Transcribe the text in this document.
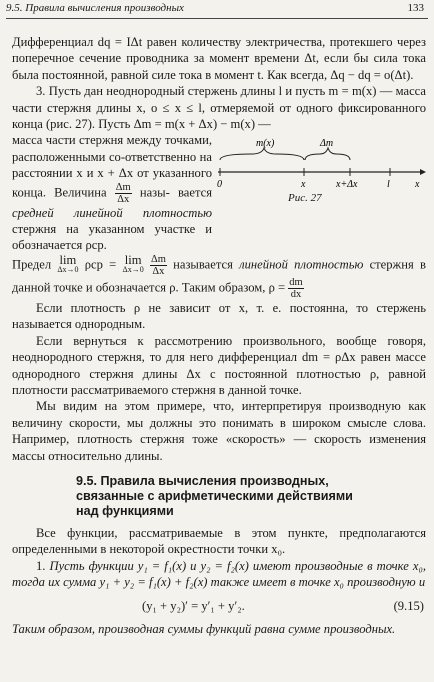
9.5. Правила вычисления производных	133

Дифференциал dq = IΔt равен количеству электричества, протекшего через поперечное сечение проводника за момент времени Δt, если бы сила тока была постоянной, равной силе тока в момент t. Как всегда, Δq − dq = o(Δt).

3. Пусть дан неоднородный стержень длины l и пусть m = m(x) — масса части стержня длины x, o ≤ x ≤ l, отмеряемой от одного фиксированного конца (рис. 27). Пусть Δm = m(x + Δx) − m(x) —

m(x)	Δm
0	x	x+Δx	l	x
Рис. 27

масса части стержня между точками, расположенными со-ответственно на расстоянии x и x + Δx от указанного конца. Величина $\frac{\Delta m}{\Delta x}$ назы- вается средней линейной плотностью стержня на указанном участке и обозначается ρср.

Предел lim
Δx→0 ρср = lim
Δx→0
$\frac{\Delta m}{\Delta x}$ называется линейной плотностью стержня в данной точке и обозначается ρ. Таким образом, $\rho = \frac{dm}{dx}$

Если плотность ρ не зависит от x, т. е. постоянна, то стержень называется однородным.

Если вернуться к рассмотрению произвольного, вообще говоря, неоднородного стержня, то для него дифференциал dm = ρΔx равен массе однородного стержня длины Δx с постоянной плотностью ρ, равной плотности рассматриваемого стержня в данной точке.

Мы видим на этом примере, что, интерпретируя производную как величину скорости, мы должны это понимать в широком смысле слова. Например, плотность стержня тоже «скорость» — скорость изменения массы относительно длины.

9.5. Правила вычисления производных,
связанные с арифметическими действиями
над функциями

Все функции, рассматриваемые в этом пункте, предполагаются определенными в некоторой окрестности точки x₀.

1. Пусть функции y₁ = f₁(x) и y₂ = f₂(x) имеют производные в точке x₀, тогда их сумма y₁ + y₂ = f₁(x) + f₂(x) также имеет в точке x₀ производную и

(y₁ + y₂)′ = y′₁ + y′₂.	(9.15)

Таким образом, производная суммы функций равна сумме производных.
